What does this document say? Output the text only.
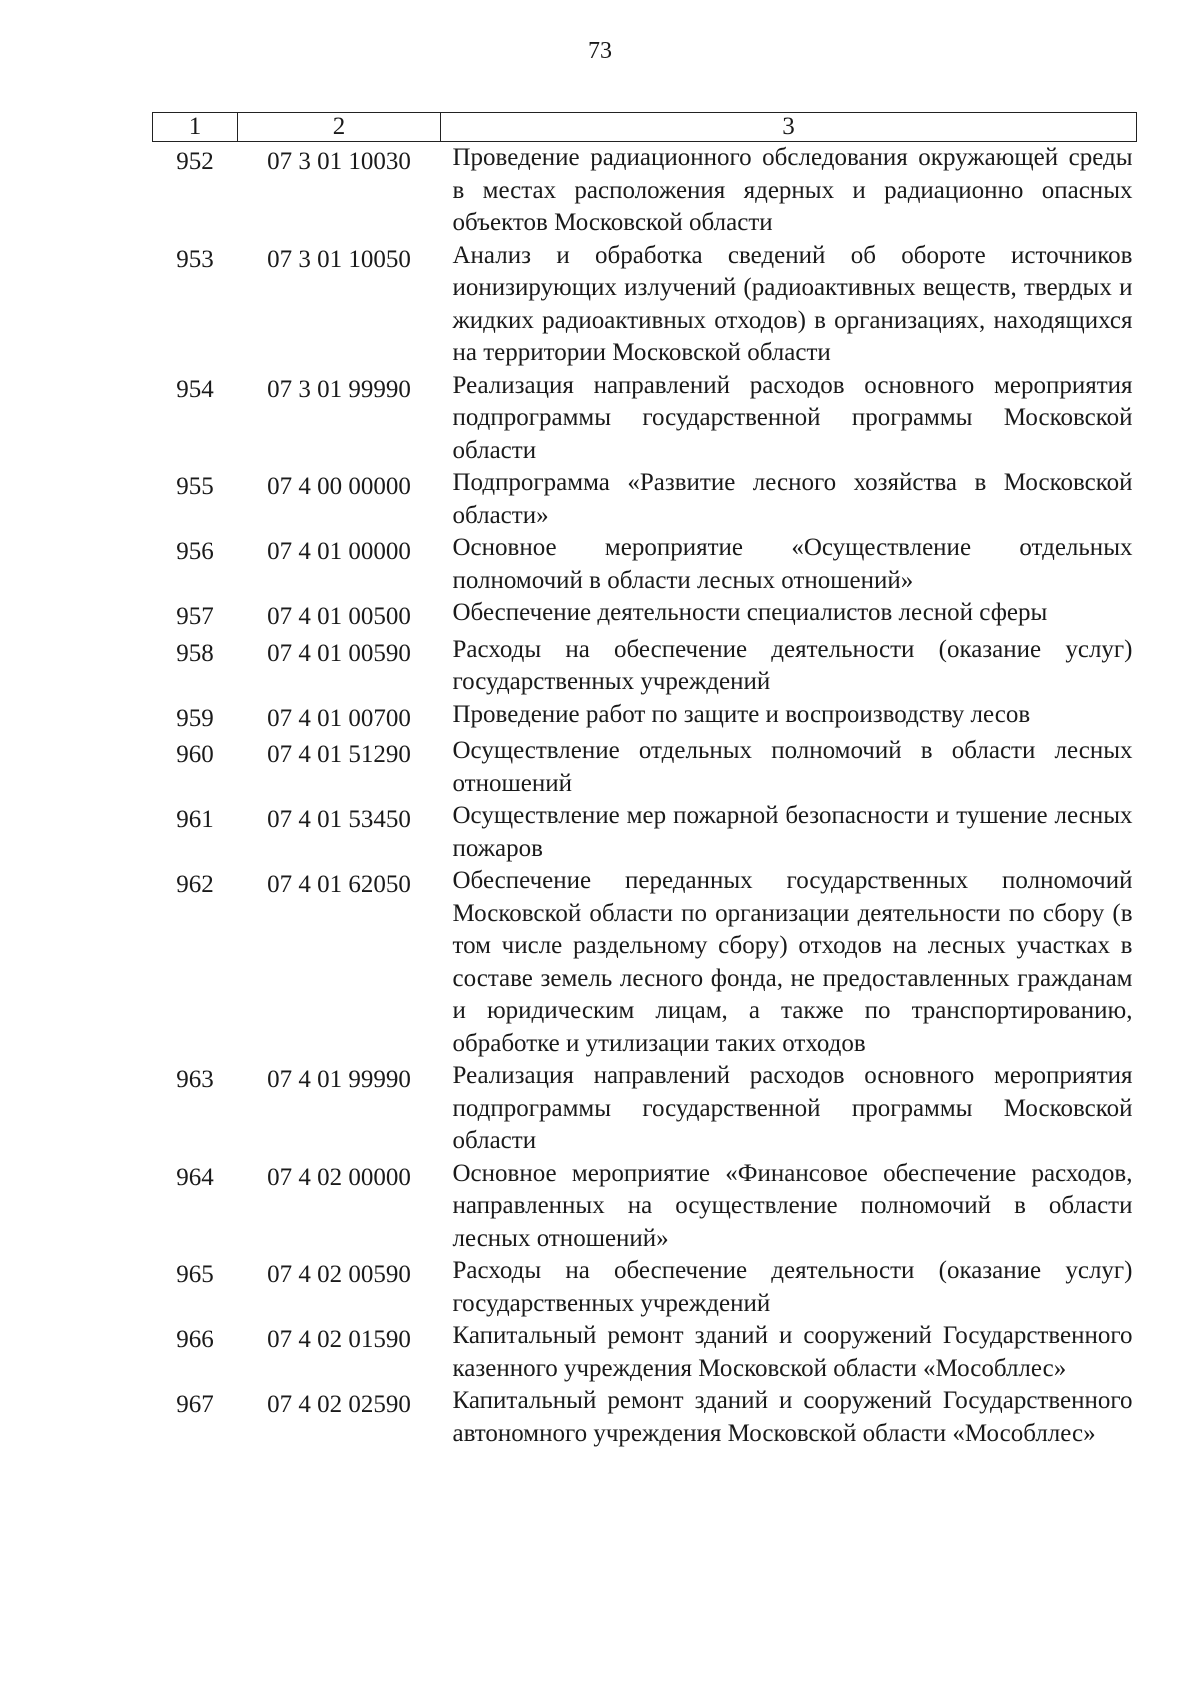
73
1	2	3
952	07 3 01 10030	Проведение радиационного обследования окружающей среды в местах расположения ядерных и радиационно опасных объектов Московской области
953	07 3 01 10050	Анализ и обработка сведений об обороте источников ионизирующих излучений (радиоактивных веществ, твердых и жидких радиоактивных отходов) в организациях, находящихся на территории Московской области
954	07 3 01 99990	Реализация направлений расходов основного мероприятия подпрограммы государственной программы Московской области
955	07 4 00 00000	Подпрограмма «Развитие лесного хозяйства в Московской области»
956	07 4 01 00000	Основное мероприятие «Осуществление отдельных полномочий в области лесных отношений»
957	07 4 01 00500	Обеспечение деятельности специалистов лесной сферы
958	07 4 01 00590	Расходы на обеспечение деятельности (оказание услуг) государственных учреждений
959	07 4 01 00700	Проведение работ по защите и воспроизводству лесов
960	07 4 01 51290	Осуществление отдельных полномочий в области лесных отношений
961	07 4 01 53450	Осуществление мер пожарной безопасности и тушение лесных пожаров
962	07 4 01 62050	Обеспечение переданных государственных полномочий Московской области по организации деятельности по сбору (в том числе раздельному сбору) отходов на лесных участках в составе земель лесного фонда, не предоставленных гражданам и юридическим лицам, а также по транспортированию, обработке и утилизации таких отходов
963	07 4 01 99990	Реализация направлений расходов основного мероприятия подпрограммы государственной программы Московской области
964	07 4 02 00000	Основное мероприятие «Финансовое обеспечение расходов, направленных на осуществление полномочий в области лесных отношений»
965	07 4 02 00590	Расходы на обеспечение деятельности (оказание услуг) государственных учреждений
966	07 4 02 01590	Капитальный ремонт зданий и сооружений Государственного казенного учреждения Московской области «Мособллес»
967	07 4 02 02590	Капитальный ремонт зданий и сооружений Государственного автономного учреждения Московской области «Мособллес»
